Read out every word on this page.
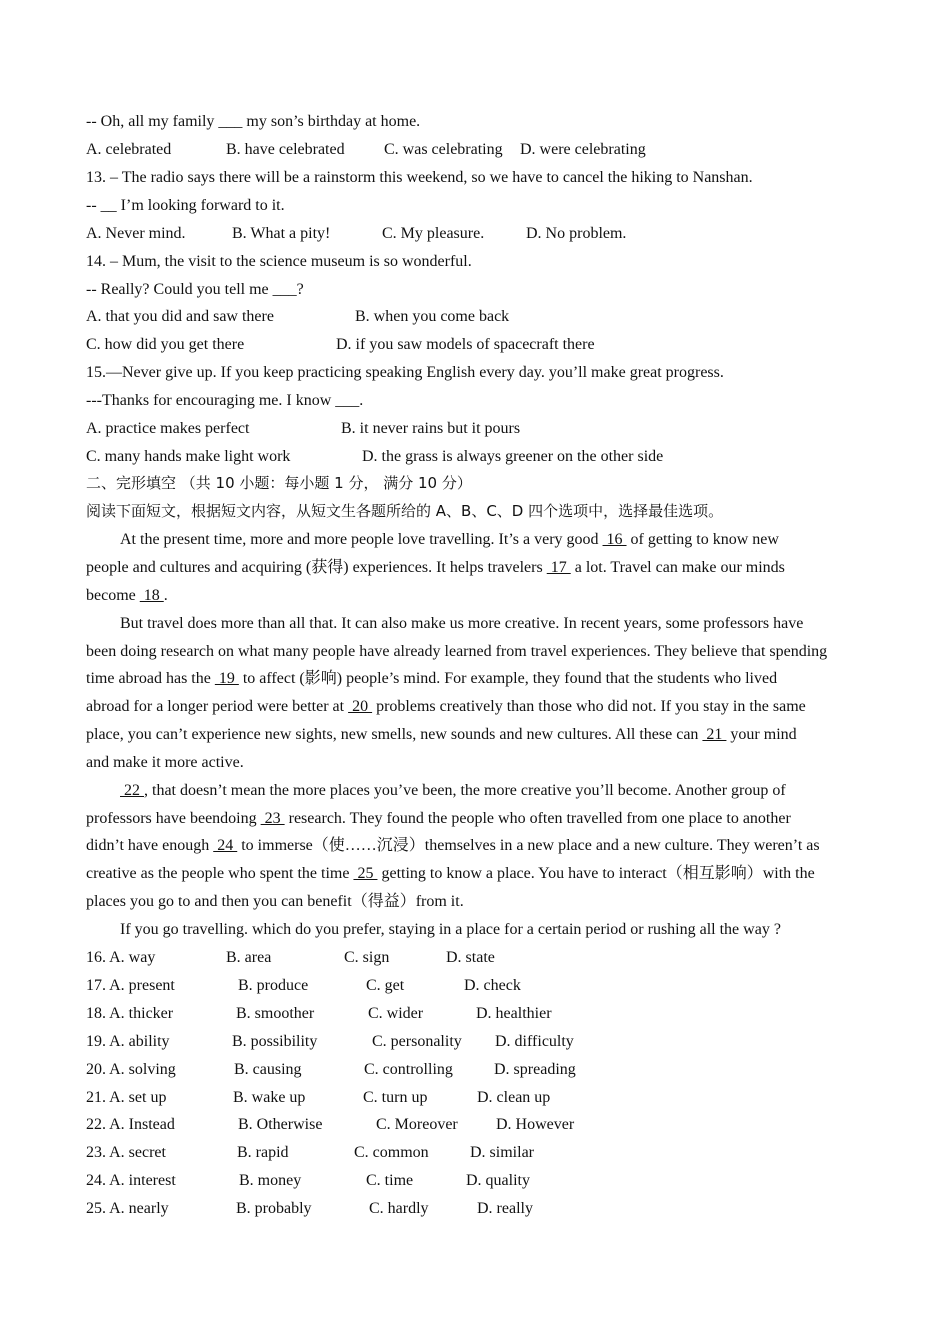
-- Oh, all my family ___ my son’s birthday at home.
A. celebrated	B. have celebrated C. was celebrating D. were celebrating
13. – The radio says there will be a rainstorm this weekend, so we have to cancel the hiking to Nanshan.
-- __ I’m looking forward to it.
A. Never mind.	B. What a pity!	C. My pleasure.	D. No problem.
14. – Mum, the visit to the science museum is so wonderful.
-- Really? Could you tell me ___?
A. that you did and saw there	B. when you come back
C. how did you get there	D. if you saw models of spacecraft there
15.—Never give up. If you keep practicing speaking English every day. you’ll make great progress.
---Thanks for encouraging me. I know ___.
A. practice makes perfect	B. it never rains but it pours
C. many hands make light work	D. the grass is always greener on the other side
二、完形填空 （共 10 小题：每小题 1 分， 满分 10 分）
阅读下面短文，根据短文内容，从短文生各题所给的 A、B、C、D 四个选项中，选择最佳选项。
At the present time, more and more people love travelling. It’s a very good  16  of getting to know new
people and cultures and acquiring (获得) experiences. It helps travelers  17  a lot. Travel can make our minds
become  18 .
But travel does more than all that. It can also make us more creative. In recent years, some professors have
been doing research on what many people have already learned from travel experiences. They believe that spending
time abroad has the  19  to affect (影响) people’s mind. For example, they found that the students who lived
abroad for a longer period were better at  20  problems creatively than those who did not. If you stay in the same
place, you can’t experience new sights, new smells, new sounds and new cultures. All these can  21  your mind
and make it more active.
22 , that doesn’t mean the more places you’ve been, the more creative you’ll become. Another group of
professors have beendoing  23  research. They found the people who often travelled from one place to another
didn’t have enough  24  to immerse（使……沉浸）themselves in a new place and a new culture. They weren’t as
creative as the people who spent the time  25  getting to know a place. You have to interact（相互影响）with the
places you go to and then you can benefit（得益）from it.
If you go travelling. which do you prefer, staying in a place for a certain period or rushing all the way ?
16. A. way	B. area	C. sign	D. state
17. A. present	B. produce	C. get	D. check
18. A. thicker	B. smoother	C. wider	D. healthier
19. A. ability	B. possibility	C. personality D. difficulty
20. A. solving	B. causing	C. controlling	D. spreading
21. A. set up	B. wake up	C. turn up	D. clean up
22. A. Instead	B. Otherwise	C. Moreover D. However
23. A. secret	B. rapid	C. common	D. similar
24. A. interest	B. money	C. time	D. quality
25. A. nearly	B. probably	C. hardly	D. really
